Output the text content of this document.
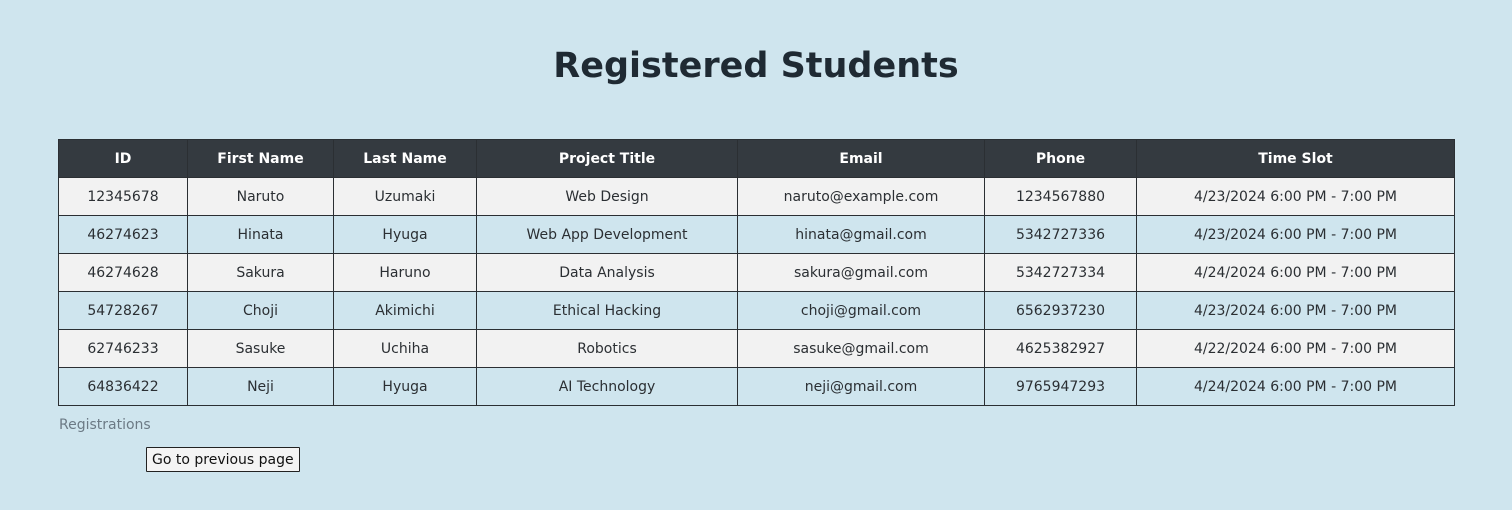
Registered Students
ID	First Name	Last Name	Project Title	Email	Phone	Time Slot
12345678	Naruto	Uzumaki	Web Design	naruto@example.com	1234567880	4/23/2024 6:00 PM - 7:00 PM
46274623	Hinata	Hyuga	Web App Development	hinata@gmail.com	5342727336	4/23/2024 6:00 PM - 7:00 PM
46274628	Sakura	Haruno	Data Analysis	sakura@gmail.com	5342727334	4/24/2024 6:00 PM - 7:00 PM
54728267	Choji	Akimichi	Ethical Hacking	choji@gmail.com	6562937230	4/23/2024 6:00 PM - 7:00 PM
62746233	Sasuke	Uchiha	Robotics	sasuke@gmail.com	4625382927	4/22/2024 6:00 PM - 7:00 PM
64836422	Neji	Hyuga	AI Technology	neji@gmail.com	9765947293	4/24/2024 6:00 PM - 7:00 PM
Registrations
Go to previous page
